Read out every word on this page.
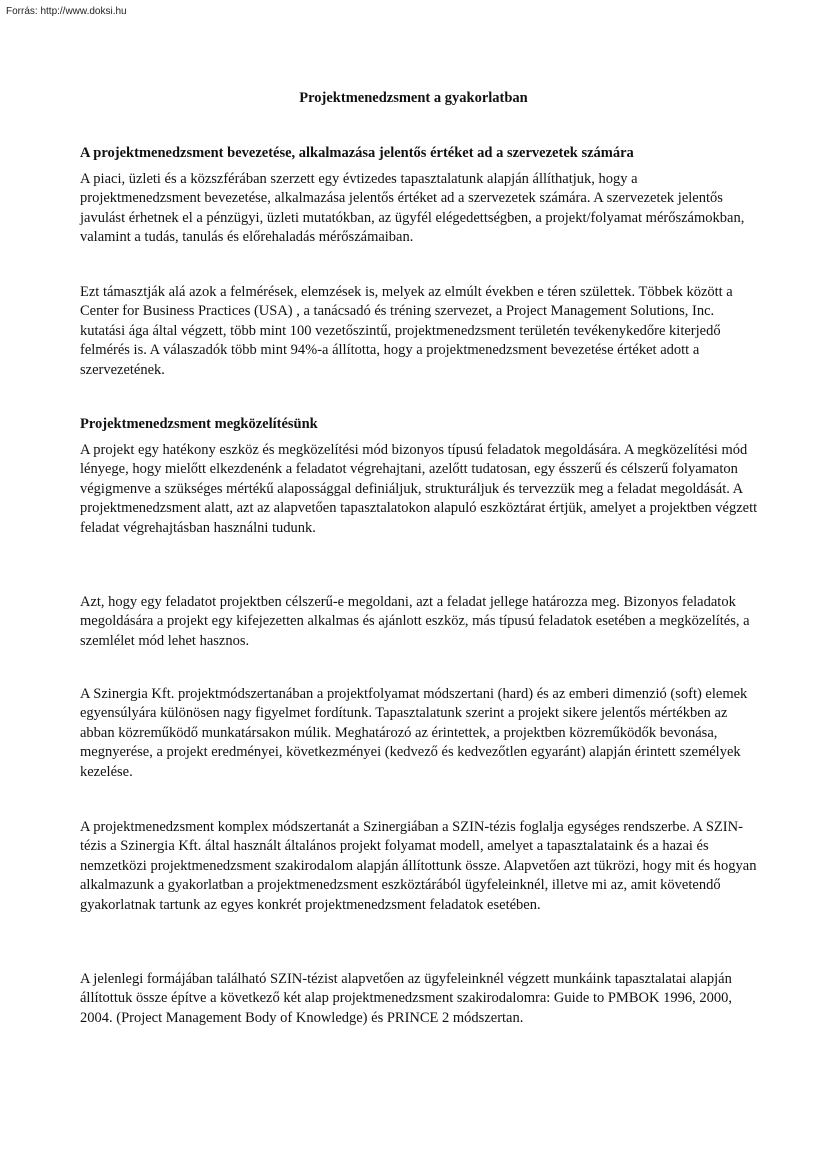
Forrás: http://www.doksi.hu
Projektmenedzsment a gyakorlatban
A projektmenedzsment bevezetése, alkalmazása jelentős értéket ad a szervezetek számára

A piaci, üzleti és a közszférában szerzett egy évtizedes tapasztalatunk alapján állíthatjuk, hogy a projektmenedzsment bevezetése, alkalmazása jelentős értéket ad a szervezetek számára. A szervezetek jelentős javulást érhetnek el a pénzügyi, üzleti mutatókban, az ügyfél elégedettségben, a projekt/folyamat mérőszámokban, valamint a tudás, tanulás és előrehaladás mérőszámaiban.

Ezt támasztják alá azok a felmérések, elemzések is, melyek az elmúlt években e téren születtek. Többek között a Center for Business Practices (USA) , a tanácsadó és tréning szervezet, a Project Management Solutions, Inc. kutatási ága által végzett, több mint 100 vezetőszintű, projektmenedzsment területén tevékenykedőre kiterjedő felmérés is. A válaszadók több mint 94%-a állította, hogy a projektmenedzsment bevezetése értéket adott a szervezetének.

Projektmenedzsment megközelítésünk

A projekt egy hatékony eszköz és megközelítési mód bizonyos típusú feladatok megoldására. A megközelítési mód lényege, hogy mielőtt elkezdenénk a feladatot végrehajtani, azelőtt tudatosan, egy ésszerű és célszerű folyamaton végigmenve a szükséges mértékű alapossággal definiáljuk, strukturáljuk és tervezzük meg a feladat megoldását. A projektmenedzsment alatt, azt az alapvetően tapasztalatokon alapuló eszköztárat értjük, amelyet a projektben végzett feladat végrehajtásban használni tudunk.

Azt, hogy egy feladatot projektben célszerű-e megoldani, azt a feladat jellege határozza meg. Bizonyos feladatok megoldására a projekt egy kifejezetten alkalmas és ajánlott eszköz, más típusú feladatok esetében a megközelítés, a szemlélet mód lehet hasznos.

A Szinergia Kft. projektmódszertanában a projektfolyamat módszertani (hard) és az emberi dimenzió (soft) elemek egyensúlyára különösen nagy figyelmet fordítunk. Tapasztalatunk szerint a projekt sikere jelentős mértékben az abban közreműködő munkatársakon múlik. Meghatározó az érintettek, a projektben közreműködők bevonása, megnyerése, a projekt eredményei, következményei (kedvező és kedvezőtlen egyaránt) alapján érintett személyek kezelése.

A projektmenedzsment komplex módszertanát a Szinergiában a SZIN-tézis foglalja egységes rendszerbe. A SZIN-tézis a Szinergia Kft. által használt általános projekt folyamat modell, amelyet a tapasztalataink és a hazai és nemzetközi projektmenedzsment szakirodalom alapján állítottunk össze. Alapvetően azt tükrözi, hogy mit és hogyan alkalmazunk a gyakorlatban a projektmenedzsment eszköztárából ügyfeleinknél, illetve mi az, amit követendő gyakorlatnak tartunk az egyes konkrét projektmenedzsment feladatok esetében.

A jelenlegi formájában található SZIN-tézist alapvetően az ügyfeleinknél végzett munkáink tapasztalatai alapján állítottuk össze építve a következő két alap projektmenedzsment szakirodalomra: Guide to PMBOK 1996, 2000, 2004. (Project Management Body of Knowledge) és PRINCE 2 módszertan.
